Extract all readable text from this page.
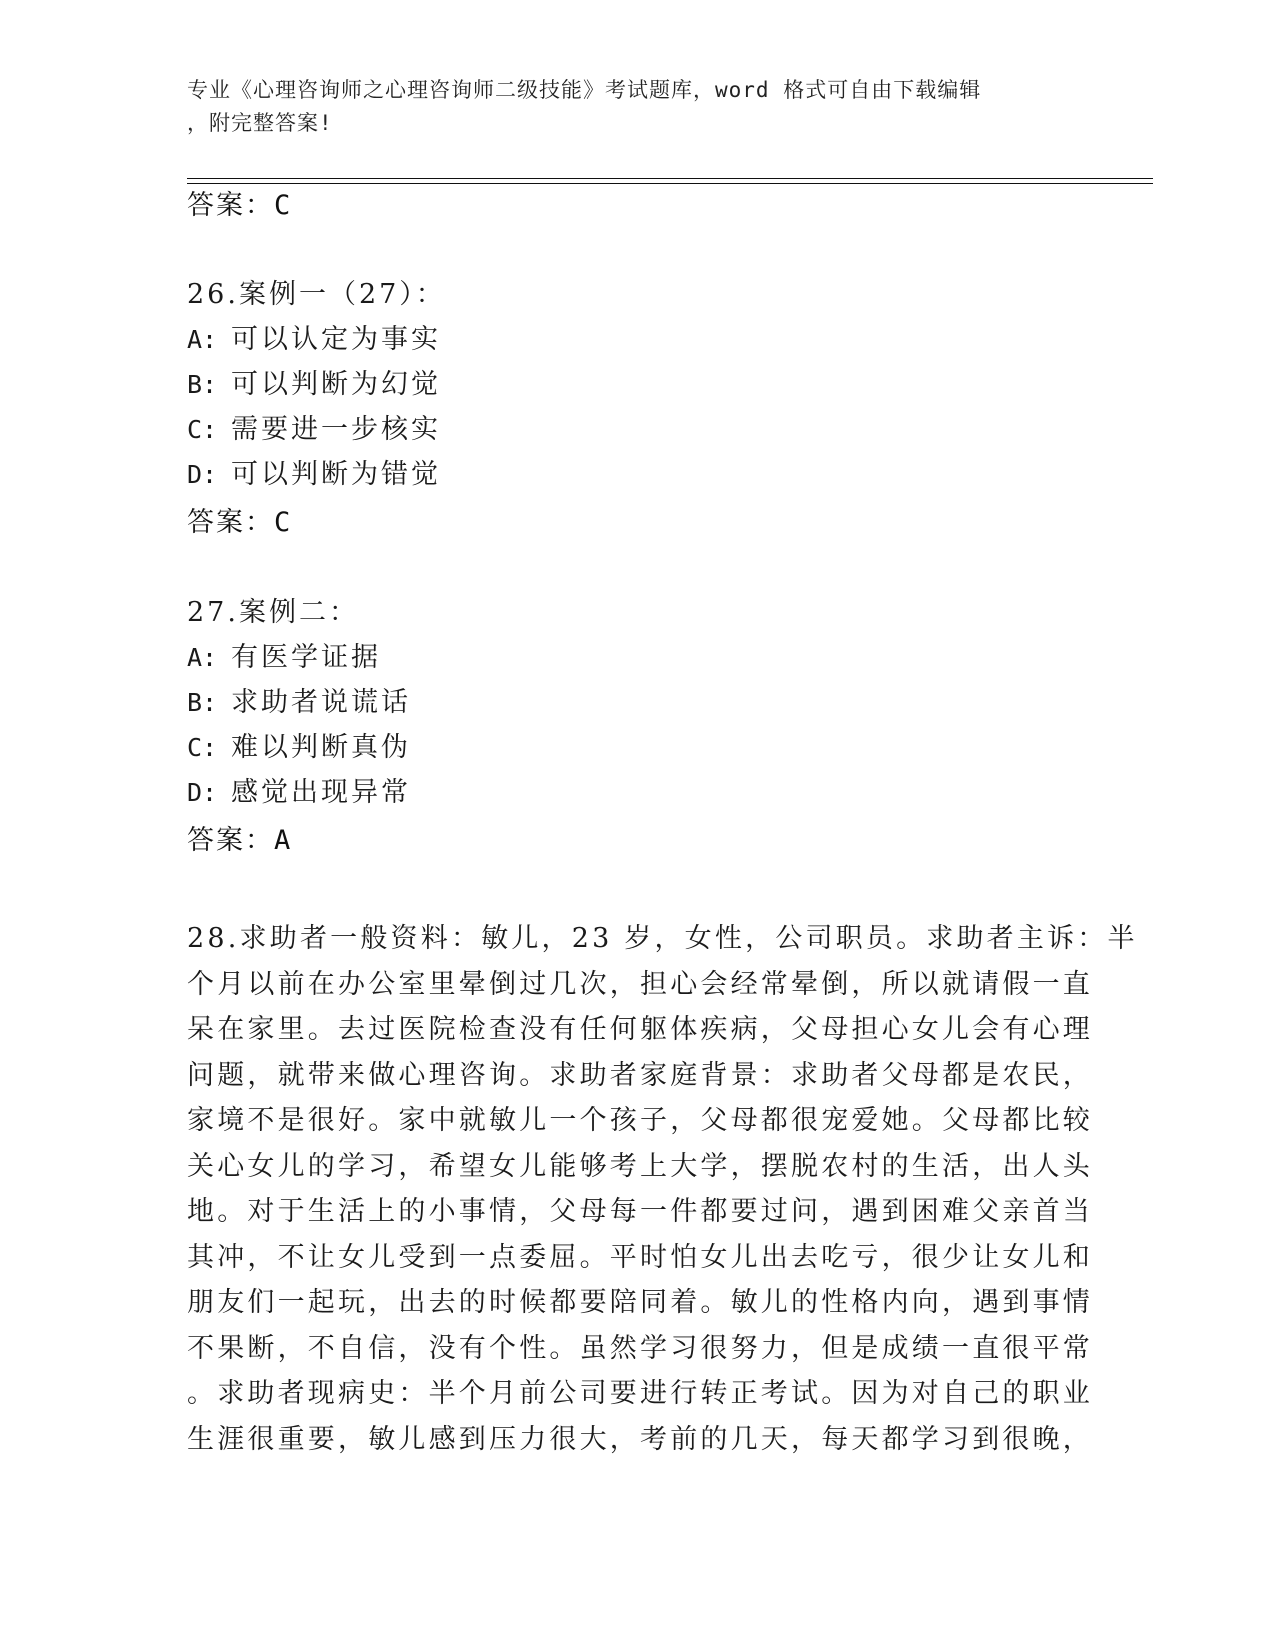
专业《心理咨询师之心理咨询师二级技能》考试题库，word 格式可自由下载编辑
，附完整答案!
答案：C
26.案例一（27）：
A: 可以认定为事实
B: 可以判断为幻觉
C: 需要进一步核实
D: 可以判断为错觉
答案：C
27.案例二：
A: 有医学证据
B: 求助者说谎话
C: 难以判断真伪
D: 感觉出现异常
答案：A
28.求助者一般资料：敏儿，23 岁，女性，公司职员。求助者主诉：半
个月以前在办公室里晕倒过几次，担心会经常晕倒，所以就请假一直
呆在家里。去过医院检查没有任何躯体疾病，父母担心女儿会有心理
问题，就带来做心理咨询。求助者家庭背景：求助者父母都是农民，
家境不是很好。家中就敏儿一个孩子，父母都很宠爱她。父母都比较
关心女儿的学习，希望女儿能够考上大学，摆脱农村的生活，出人头
地。对于生活上的小事情，父母每一件都要过问，遇到困难父亲首当
其冲，不让女儿受到一点委屈。平时怕女儿出去吃亏，很少让女儿和
朋友们一起玩，出去的时候都要陪同着。敏儿的性格内向，遇到事情
不果断，不自信，没有个性。虽然学习很努力，但是成绩一直很平常
。求助者现病史：半个月前公司要进行转正考试。因为对自己的职业
生涯很重要，敏儿感到压力很大，考前的几天，每天都学习到很晚，
